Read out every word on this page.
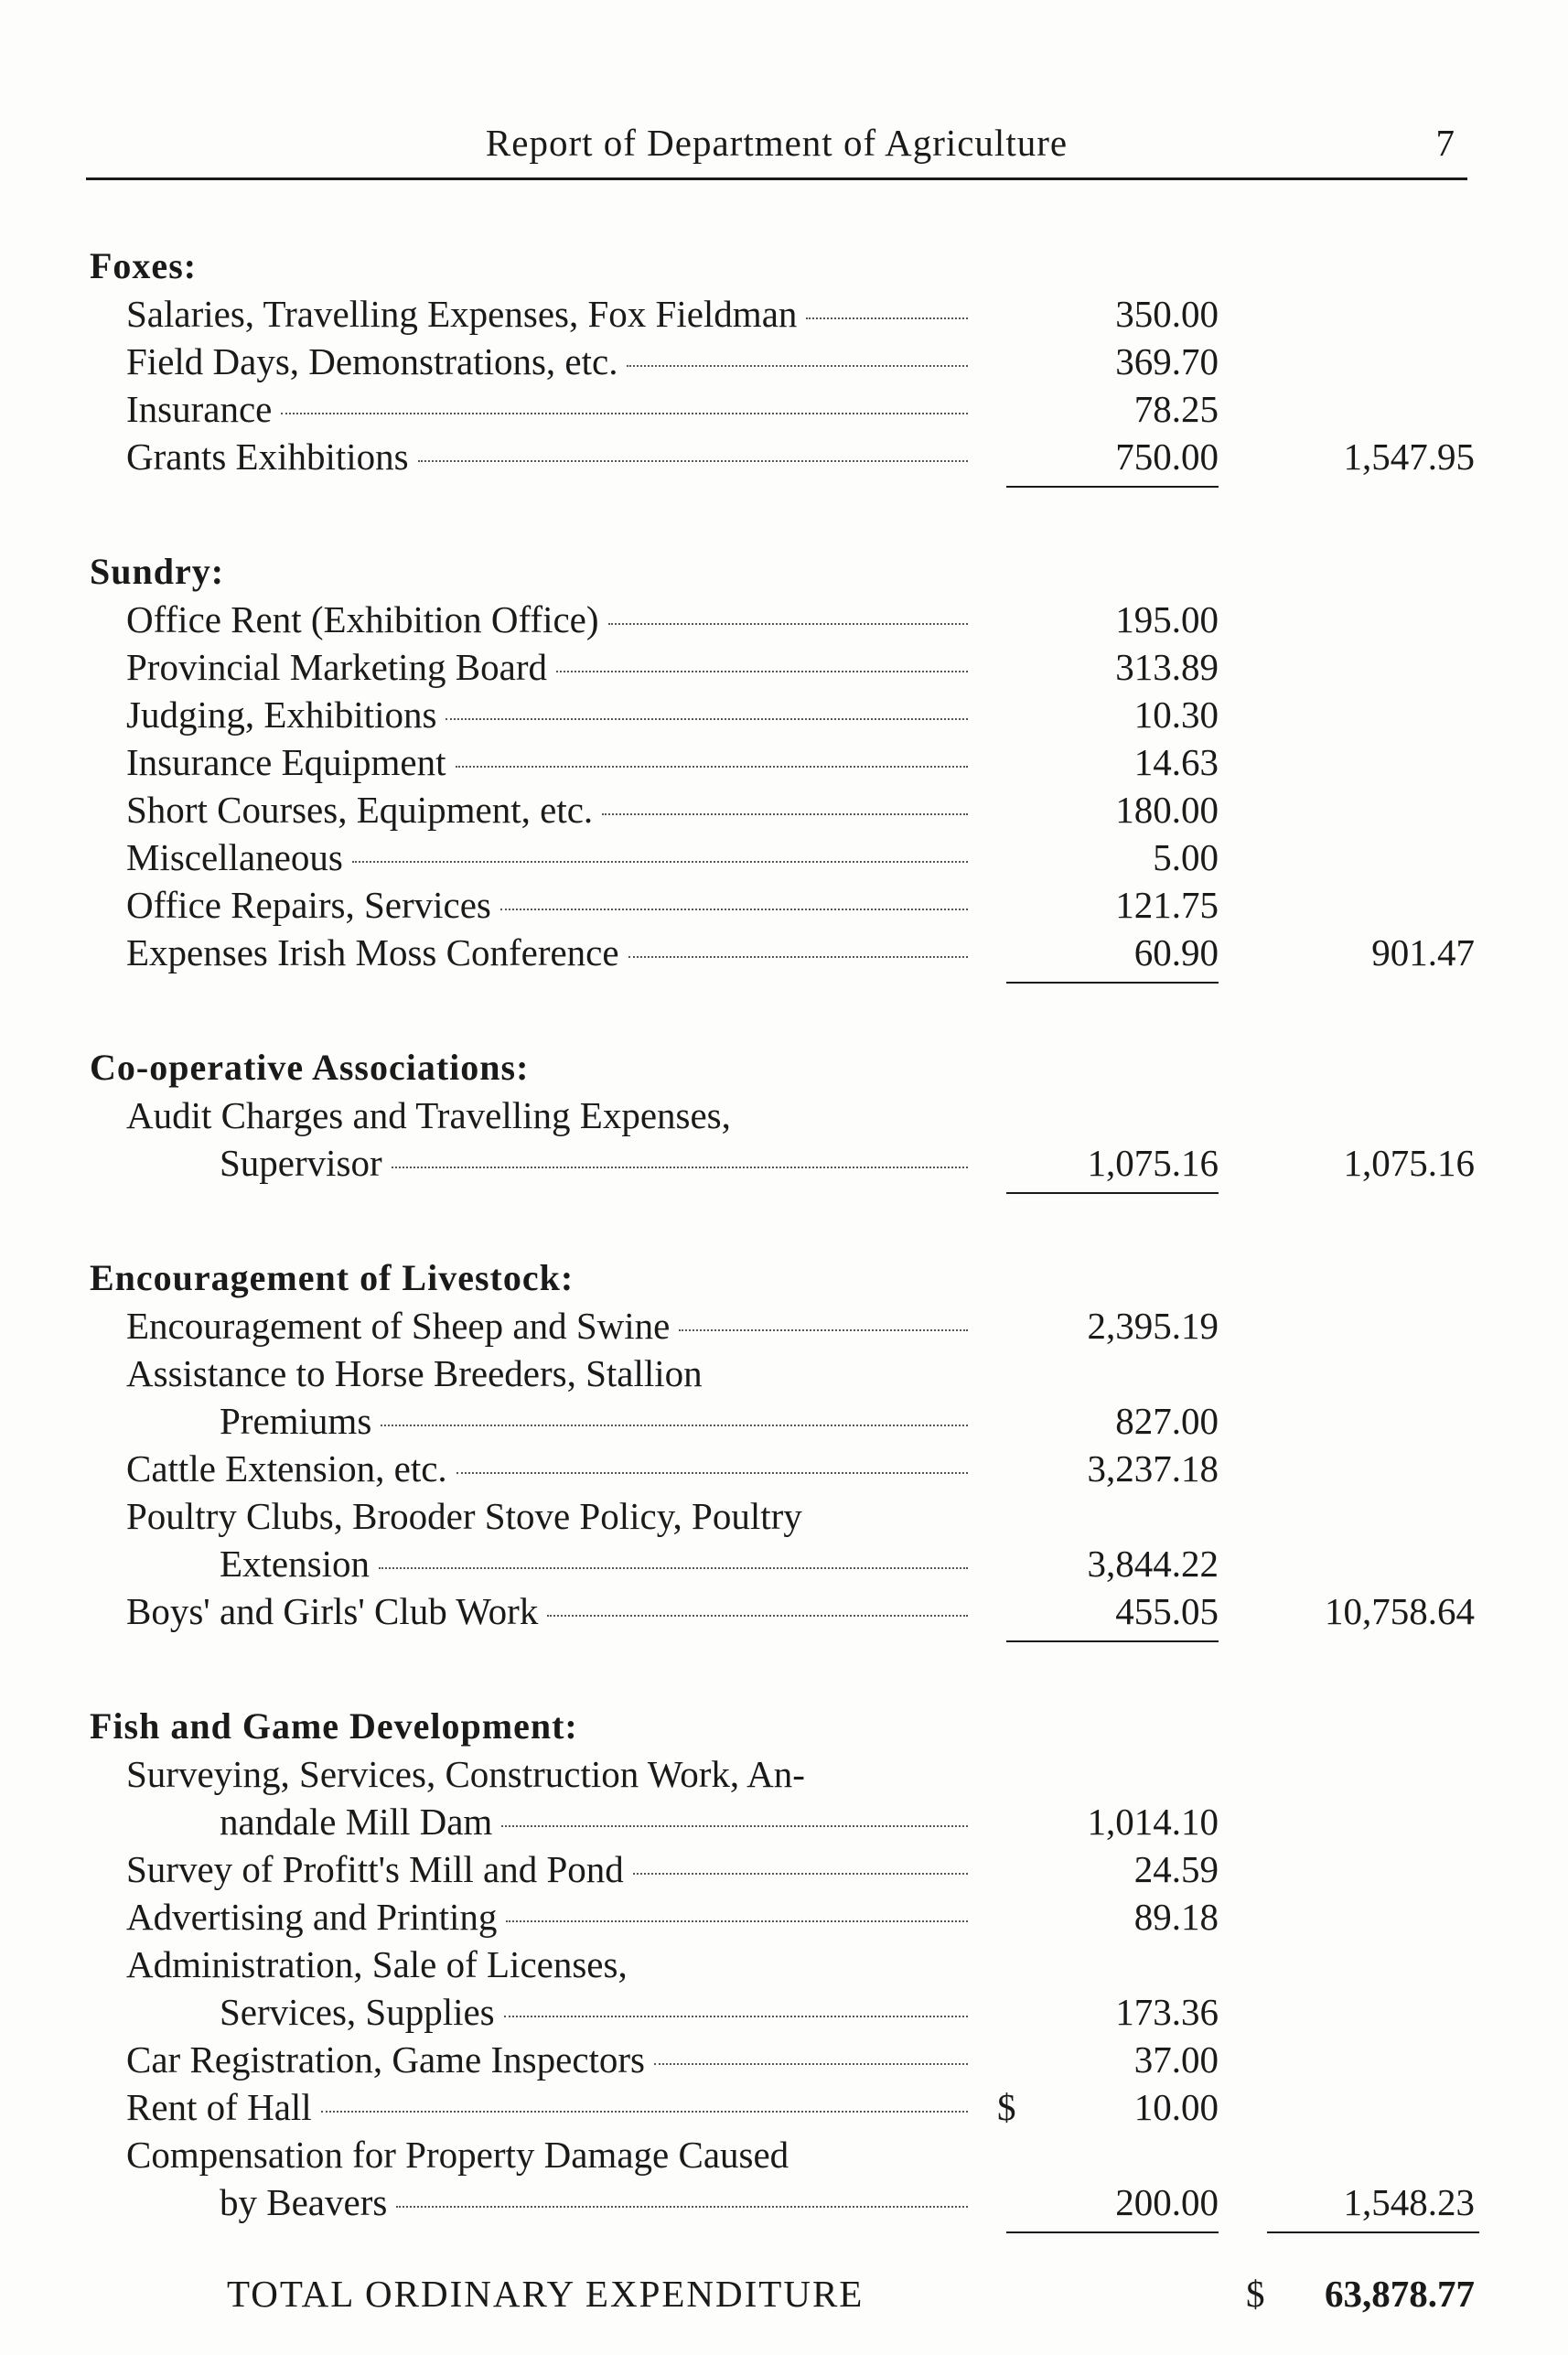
Report of Department of Agriculture	7
Foxes:
Salaries, Travelling Expenses, Fox Fieldman	350.00
Field Days, Demonstrations, etc.	369.70
Insurance	78.25
Grants Exihbitions	750.00	1,547.95
Sundry:
Office Rent (Exhibition Office)	195.00
Provincial Marketing Board	313.89
Judging, Exhibitions	10.30
Insurance Equipment	14.63
Short Courses, Equipment, etc.	180.00
Miscellaneous	5.00
Office Repairs, Services	121.75
Expenses Irish Moss Conference	60.90	901.47
Co-operative Associations:
Audit Charges and Travelling Expenses,
Supervisor	1,075.16	1,075.16
Encouragement of Livestock:
Encouragement of Sheep and Swine	2,395.19
Assistance to Horse Breeders, Stallion
Premiums	827.00
Cattle Extension, etc.	3,237.18
Poultry Clubs, Brooder Stove Policy, Poultry
Extension	3,844.22
Boys' and Girls' Club Work	455.05	10,758.64
Fish and Game Development:
Surveying, Services, Construction Work, An-
nandale Mill Dam	1,014.10
Survey of Profitt's Mill and Pond	24.59
Advertising and Printing	89.18
Administration, Sale of Licenses,
Services, Supplies	173.36
Car Registration, Game Inspectors	37.00
Rent of Hall	$	10.00
Compensation for Property Damage Caused
by Beavers	200.00	1,548.23
TOTAL ORDINARY EXPENDITURE	$	63,878.77
